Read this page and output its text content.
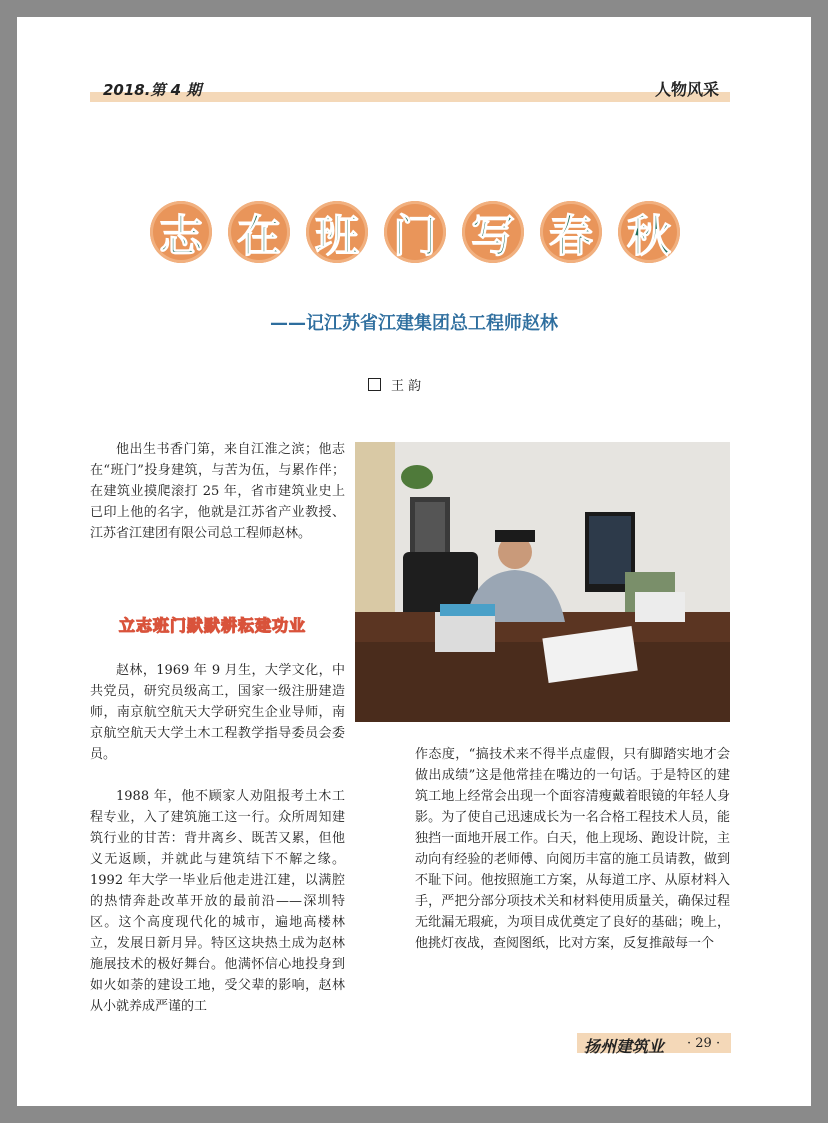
2018.第 4 期	人物风采
志 在 班 门 写 春 秋
——记江苏省江建集团总工程师赵林
王 韵

他出生书香门第，来自江淮之滨；他志在“班门”投身建筑，与苦为伍，与累作伴；在建筑业摸爬滚打 25 年，省市建筑业史上已印上他的名字，他就是江苏省产业教授、江苏省江建团有限公司总工程师赵林。

立志班门默默耕耘建功业

赵林，1969 年 9 月生，大学文化，中共党员，研究员级高工，国家一级注册建造师，南京航空航天大学研究生企业导师，南京航空航天大学土木工程教学指导委员会委员。

1988 年，他不顾家人劝阻报考土木工程专业，入了建筑施工这一行。众所周知建筑行业的甘苦：背井离乡、既苦又累，但他义无返顾，并就此与建筑结下不解之缘。1992 年大学一毕业后他走进江建，以满腔的热情奔赴改革开放的最前沿——深圳特区。这个高度现代化的城市，遍地高楼林立，发展日新月异。特区这块热土成为赵林施展技术的极好舞台。他满怀信心地投身到如火如荼的建设工地，受父辈的影响，赵林从小就养成严谨的工

作态度，“搞技术来不得半点虚假，只有脚踏实地才会做出成绩”这是他常挂在嘴边的一句话。于是特区的建筑工地上经常会出现一个面容清瘦戴着眼镜的年轻人身影。为了使自己迅速成长为一名合格工程技术人员，能独挡一面地开展工作。白天，他上现场、跑设计院，主动向有经验的老师傅、向阅历丰富的施工员请教，做到不耻下问。他按照施工方案，从每道工序、从原材料入手，严把分部分项技术关和材料使用质量关，确保过程无纰漏无瑕疵，为项目成优奠定了良好的基础；晚上，他挑灯夜战，查阅图纸，比对方案，反复推敲每一个

扬州建筑业 · 29 ·
